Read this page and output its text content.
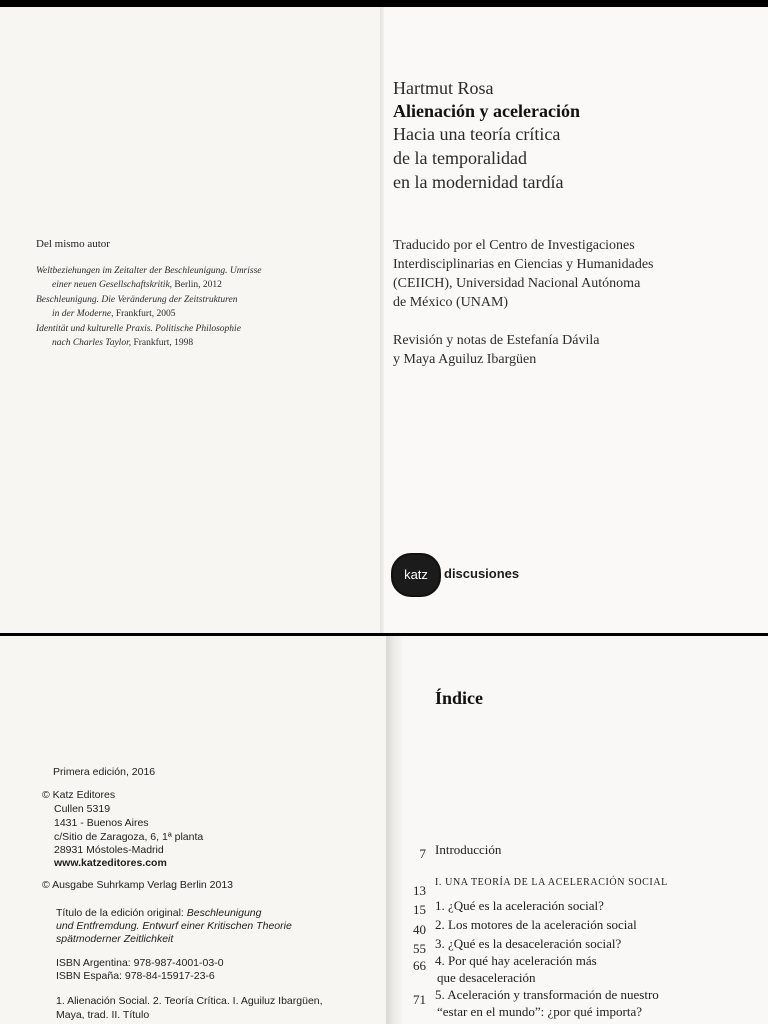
Hartmut Rosa
Alienación y aceleración
Hacia una teoría crítica
de la temporalidad
en la modernidad tardía
Traducido por el Centro de Investigaciones
Interdisciplinarias en Ciencias y Humanidades
(CEIICH), Universidad Nacional Autónoma
de México (UNAM)
Revisión y notas de Estefanía Dávila
y Maya Aguiluz Ibargüen
katz	discusiones
Del mismo autor
Weltbeziehungen im Zeitalter der Beschleunigung. Umrisse
einer neuen Gesellschaftskritik, Berlin, 2012
Beschleunigung. Die Veränderung der Zeitstrukturen
in der Moderne, Frankfurt, 2005
Identität und kulturelle Praxis. Politische Philosophie
nach Charles Taylor, Frankfurt, 1998
Primera edición, 2016
© Katz Editores
Cullen 5319
1431 - Buenos Aires
c/Sitio de Zaragoza, 6, 1ª planta
28931 Móstoles-Madrid
www.katzeditores.com
© Ausgabe Suhrkamp Verlag Berlin 2013
Título de la edición original: Beschleunigung
und Entfremdung. Entwurf einer Kritischen Theorie
spätmoderner Zeitlichkeit
ISBN Argentina: 978-987-4001-03-0
ISBN España: 978-84-15917-23-6
1. Alienación Social. 2. Teoría Crítica. I. Aguiluz Ibargüen,
Maya, trad. II. Título
Índice
7 Introducción
13
I. UNA TEORÍA DE LA ACELERACIÓN SOCIAL
15 1. ¿Qué es la aceleración social?
40 2. Los motores de la aceleración social
55 3. ¿Qué es la desaceleración social?
66 4. Por qué hay aceleración más
que desaceleración
71 5. Aceleración y transformación de nuestro
“estar en el mundo”: ¿por qué importa?
